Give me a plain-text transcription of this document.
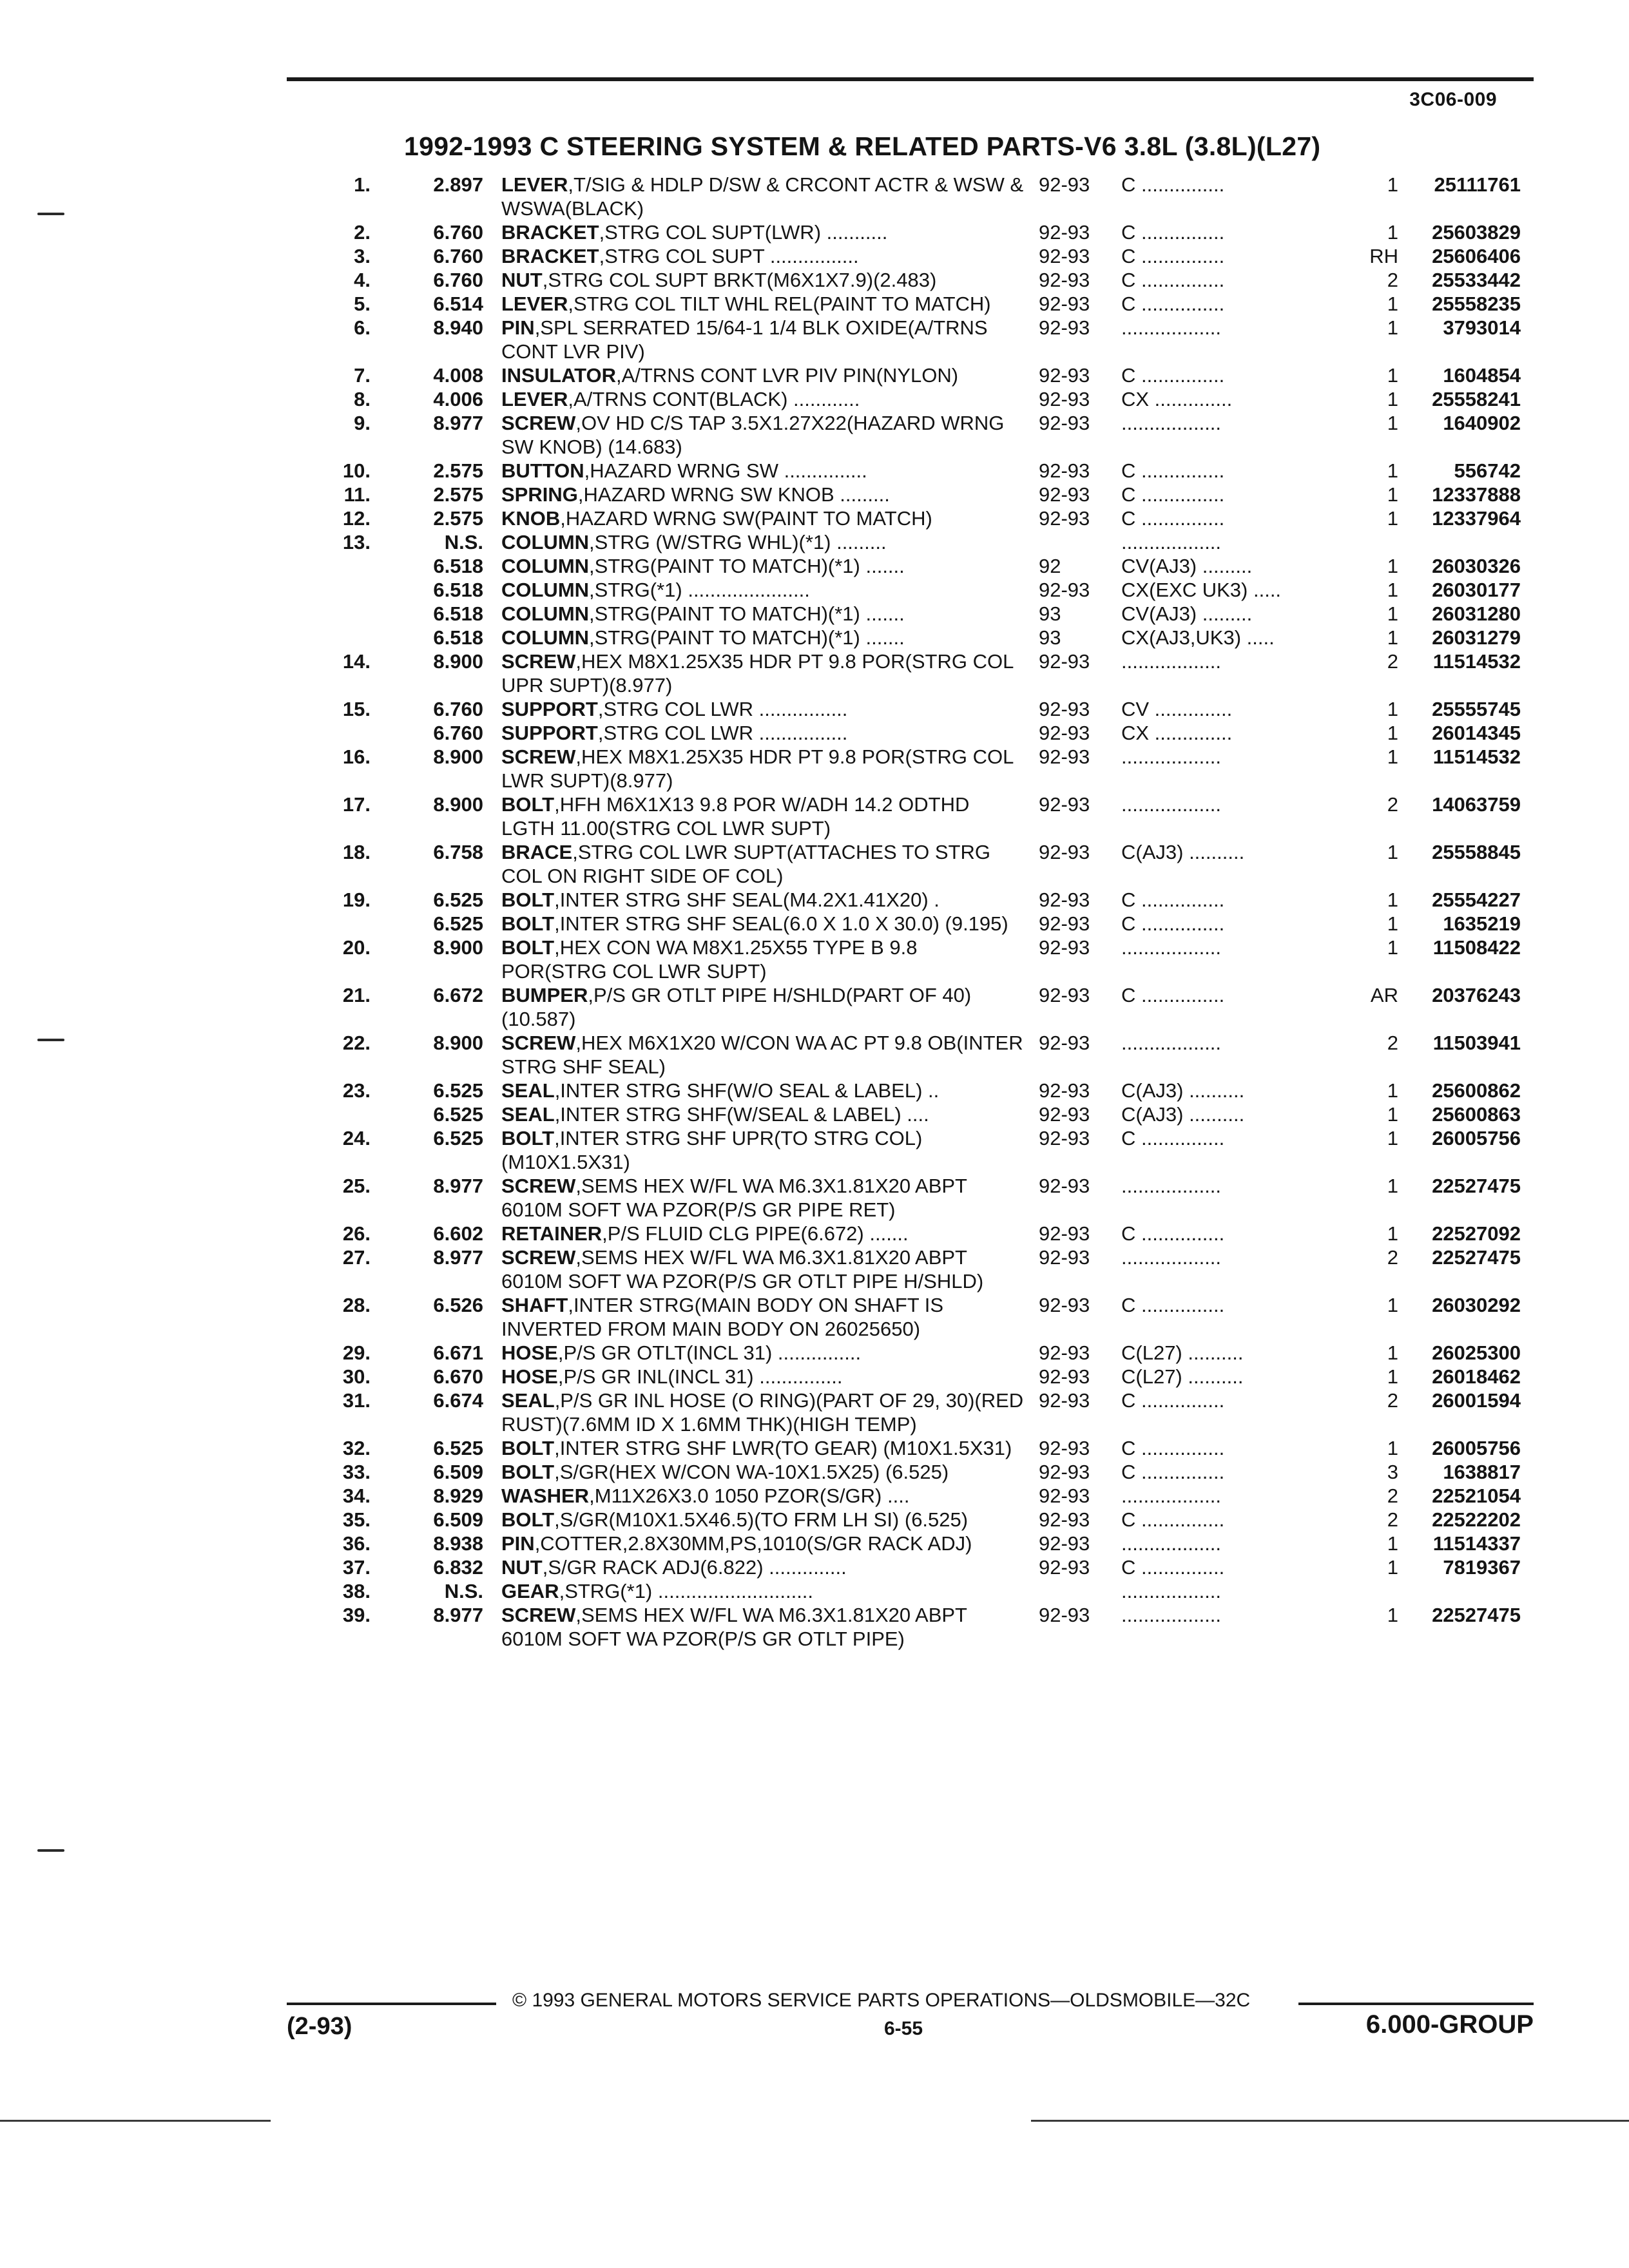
3C06-009
1992-1993 C STEERING SYSTEM & RELATED PARTS-V6 3.8L (3.8L)(L27)
1.	2.897 LEVER,T/SIG & HDLP D/SW & CRCONT ACTR & WSW & WSWA(BLACK)
92-93	C ...............	1	25111761
2.	6.760 BRACKET,STRG COL SUPT(LWR) ...........	92-93	C ...............	1	25603829
3.	6.760 BRACKET,STRG COL SUPT ................	92-93	C ...............	RH	25606406
4.	6.760 NUT,STRG COL SUPT BRKT(M6X1X7.9)(2.483)	92-93	C ...............	2	25533442
5.	6.514 LEVER,STRG COL TILT WHL REL(PAINT TO MATCH)	92-93	C ...............	1	25558235
6.	8.940 PIN,SPL SERRATED 15/64-1 1/4 BLK OXIDE(A/TRNS CONT LVR PIV)
92-93	..................	1	3793014
7.	4.008 INSULATOR,A/TRNS CONT LVR PIV PIN(NYLON)	92-93	C ...............	1	1604854
8.	4.006 LEVER,A/TRNS CONT(BLACK) ............	92-93	CX ..............	1	25558241
9.	8.977 SCREW,OV HD C/S TAP 3.5X1.27X22(HAZARD WRNG SW KNOB) (14.683)
92-93	..................	1	1640902
10.	2.575 BUTTON,HAZARD WRNG SW ...............	92-93	C ...............	1	556742
11.	2.575 SPRING,HAZARD WRNG SW KNOB .........	92-93	C ...............	1	12337888
12.	2.575 KNOB,HAZARD WRNG SW(PAINT TO MATCH)	92-93	C ...............	1	12337964
13.	N.S. COLUMN,STRG (W/STRG WHL)(*1) .........	..................
6.518 COLUMN,STRG(PAINT TO MATCH)(*1) .......	92	CV(AJ3) .........	1	26030326
6.518 COLUMN,STRG(*1) ......................	92-93	CX(EXC UK3) .....	1	26030177
6.518 COLUMN,STRG(PAINT TO MATCH)(*1) .......	93	CV(AJ3) .........	1	26031280
6.518 COLUMN,STRG(PAINT TO MATCH)(*1) .......	93	CX(AJ3,UK3) .....	1	26031279
14.	8.900 SCREW,HEX M8X1.25X35 HDR PT 9.8 POR(STRG COL UPR SUPT)(8.977)
92-93	..................	2	11514532
15.	6.760 SUPPORT,STRG COL LWR ................	92-93	CV ..............	1	25555745
6.760 SUPPORT,STRG COL LWR ................	92-93	CX ..............	1	26014345
16.	8.900 SCREW,HEX M8X1.25X35 HDR PT 9.8 POR(STRG COL LWR SUPT)(8.977)
92-93	..................	1	11514532
17.	8.900 BOLT,HFH M6X1X13 9.8 POR W/ADH 14.2 ODTHD LGTH 11.00(STRG COL LWR SUPT)
92-93	..................	2	14063759
18.	6.758 BRACE,STRG COL LWR SUPT(ATTACHES TO STRG COL ON RIGHT SIDE OF COL)
92-93	C(AJ3) ..........	1	25558845
19.	6.525 BOLT,INTER STRG SHF SEAL(M4.2X1.41X20) .	92-93	C ...............	1	25554227
6.525 BOLT,INTER STRG SHF SEAL(6.0 X 1.0 X 30.0) (9.195)	92-93	C ...............	1	1635219
20.	8.900 BOLT,HEX CON WA M8X1.25X55 TYPE B 9.8 POR(STRG COL LWR SUPT)
92-93	..................	1	11508422
21.	6.672 BUMPER,P/S GR OTLT PIPE H/SHLD(PART OF 40)(10.587)
92-93	C ...............	AR	20376243
22.	8.900 SCREW,HEX M6X1X20 W/CON WA AC PT 9.8 OB(INTER STRG SHF SEAL)
92-93	..................	2	11503941
23.	6.525 SEAL,INTER STRG SHF(W/O SEAL & LABEL) ..	92-93	C(AJ3) ..........	1	25600862
6.525 SEAL,INTER STRG SHF(W/SEAL & LABEL) ....	92-93	C(AJ3) ..........	1	25600863
24.	6.525 BOLT,INTER STRG SHF UPR(TO STRG COL) (M10X1.5X31)
92-93	C ...............	1	26005756
25.	8.977 SCREW,SEMS HEX W/FL WA M6.3X1.81X20 ABPT 6010M SOFT WA PZOR(P/S GR PIPE RET)
92-93	..................	1	22527475
26.	6.602 RETAINER,P/S FLUID CLG PIPE(6.672) .......	92-93	C ...............	1	22527092
27.	8.977 SCREW,SEMS HEX W/FL WA M6.3X1.81X20 ABPT 6010M SOFT WA PZOR(P/S GR OTLT PIPE H/SHLD)
92-93	..................	2	22527475
28.	6.526 SHAFT,INTER STRG(MAIN BODY ON SHAFT IS INVERTED FROM MAIN BODY ON 26025650)
92-93	C ...............	1	26030292
29.	6.671 HOSE,P/S GR OTLT(INCL 31) ...............	92-93	C(L27) ..........	1	26025300
30.	6.670 HOSE,P/S GR INL(INCL 31) ...............	92-93	C(L27) ..........	1	26018462
31.	6.674 SEAL,P/S GR INL HOSE (O RING)(PART OF 29, 30)(RED RUST)(7.6MM ID X 1.6MM THK)(HIGH TEMP)
92-93	C ...............	2	26001594
32.	6.525 BOLT,INTER STRG SHF LWR(TO GEAR) (M10X1.5X31)	92-93	C ...............	1	26005756
33.	6.509 BOLT,S/GR(HEX W/CON WA-10X1.5X25) (6.525)	92-93	C ...............	3	1638817
34.	8.929 WASHER,M11X26X3.0 1050 PZOR(S/GR) ....	92-93	..................	2	22521054
35.	6.509 BOLT,S/GR(M10X1.5X46.5)(TO FRM LH SI) (6.525)	92-93	C ...............	2	22522202
36.	8.938 PIN,COTTER,2.8X30MM,PS,1010(S/GR RACK ADJ)	92-93	..................	1	11514337
37.	6.832 NUT,S/GR RACK ADJ(6.822) ..............	92-93	C ...............	1	7819367
38.	N.S. GEAR,STRG(*1) ............................	..................
39.	8.977 SCREW,SEMS HEX W/FL WA M6.3X1.81X20 ABPT 6010M SOFT WA PZOR(P/S GR OTLT PIPE)
92-93	..................	1	22527475
© 1993 GENERAL MOTORS SERVICE PARTS OPERATIONS—OLDSMOBILE—32C
(2-93)	6-55	6.000-GROUP
